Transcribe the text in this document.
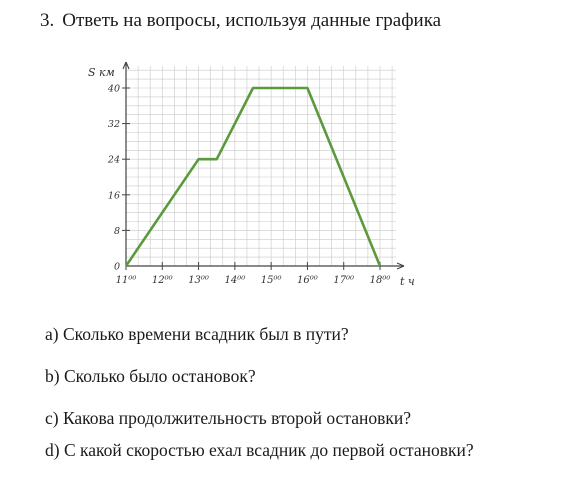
3. Ответь на вопросы, используя данные графика
0
8
16
24
32
40
11⁰⁰ 12⁰⁰ 13⁰⁰ 14⁰⁰ 15⁰⁰ 16⁰⁰ 17⁰⁰ 18⁰⁰
S км
t ч
a) Сколько времени всадник был в пути?
b) Сколько было остановок?
c) Какова продолжительность второй остановки?
d) С какой скоростью ехал всадник до первой остановки?
